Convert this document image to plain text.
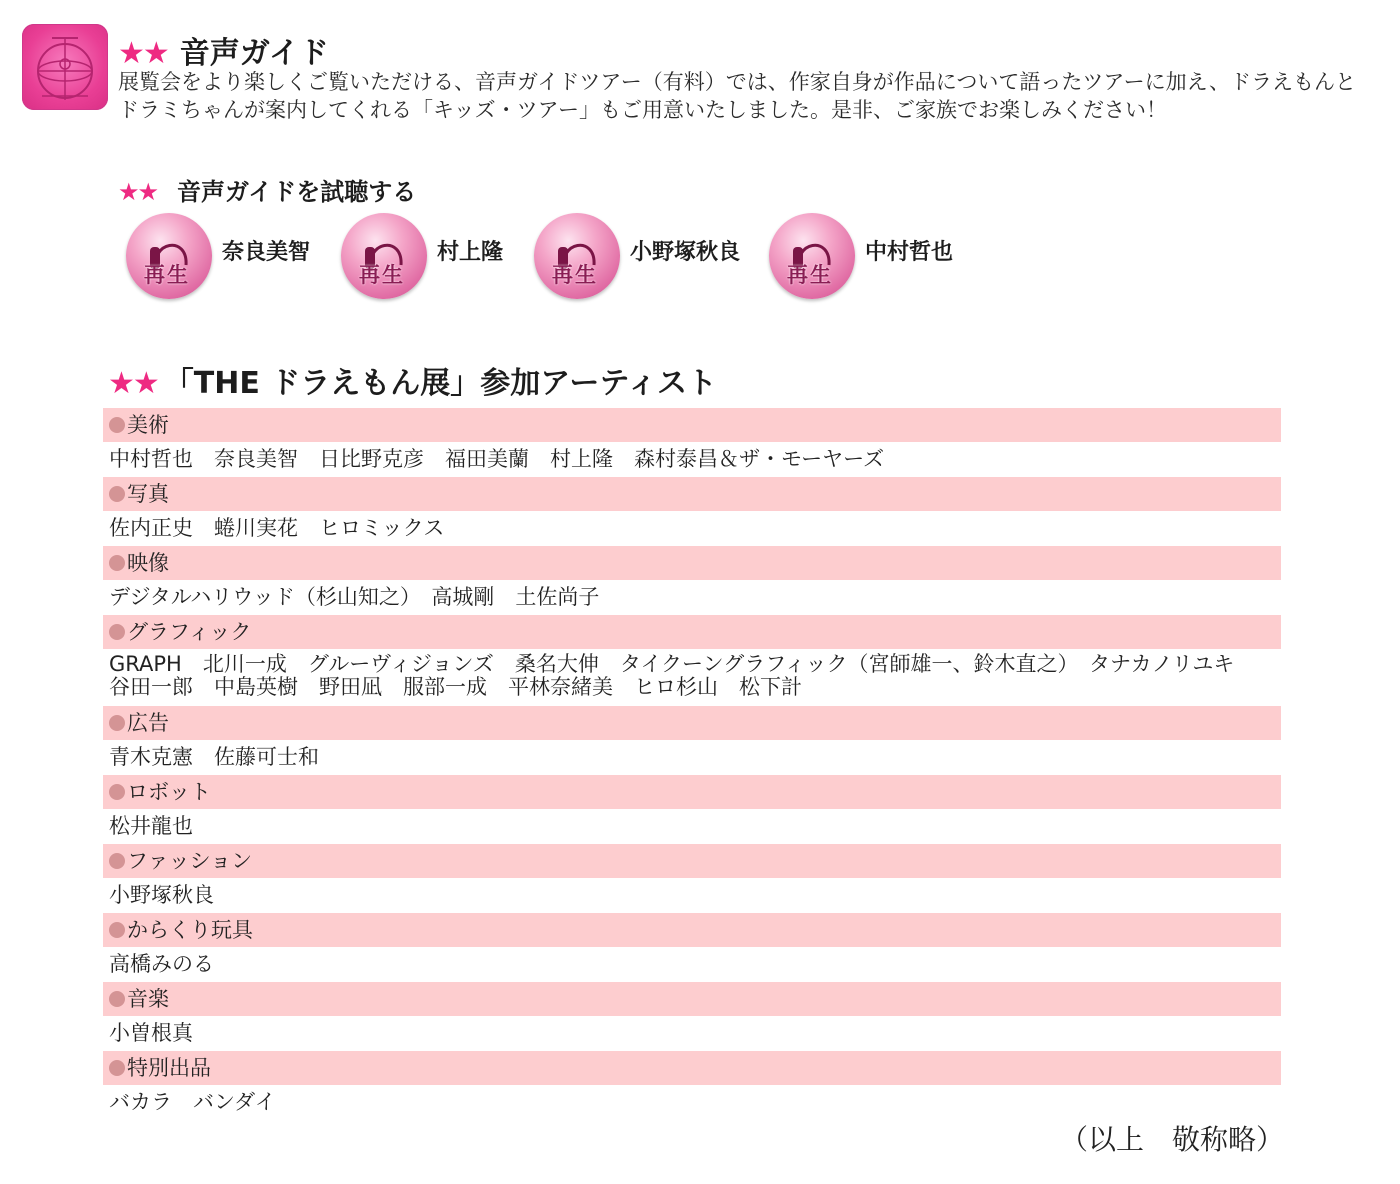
★★ 音声ガイド
展覧会をより楽しくご覧いただける、音声ガイドツアー（有料）では、作家自身が作品について語ったツアーに加え、ドラえもんとドラミちゃんが案内してくれる「キッズ・ツアー」もご用意いたしました。是非、ご家族でお楽しみください！
★★ 音声ガイドを試聴する
再生
奈良美智
再生
村上隆
再生
小野塚秋良
再生
中村哲也
★★ 「THE ドラえもん展」参加アーティスト
美術
中村哲也　奈良美智　日比野克彦　福田美蘭　村上隆　森村泰昌＆ザ・モーヤーズ
写真
佐内正史　蜷川実花　ヒロミックス
映像
デジタルハリウッド（杉山知之）　高城剛　土佐尚子
グラフィック
GRAPH　北川一成　グルーヴィジョンズ　桑名大伸　タイクーングラフィック（宮師雄一、鈴木直之）　タナカノリユキ　谷田一郎　中島英樹　野田凪　服部一成　平林奈緒美　ヒロ杉山　松下計
広告
青木克憲　佐藤可士和
ロボット
松井龍也
ファッション
小野塚秋良
からくり玩具
高橋みのる
音楽
小曽根真
特別出品
バカラ　バンダイ
（以上　敬称略）
